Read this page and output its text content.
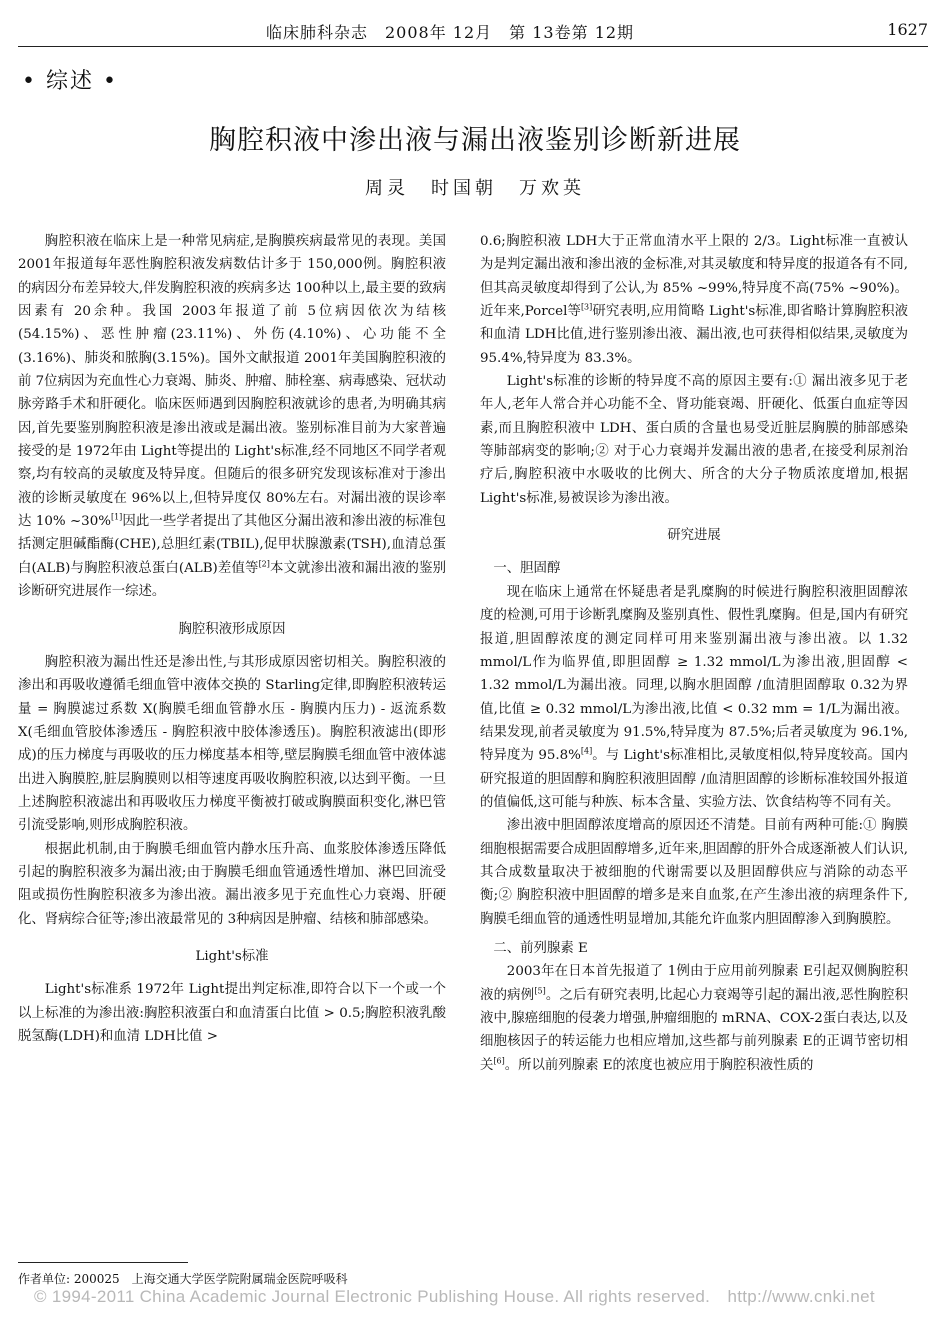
临床肺科杂志　2008年 12月　第 13卷第 12期	1627
• 综述 •
胸腔积液中渗出液与漏出液鉴别诊断新进展
周灵　时国朝　万欢英

胸腔积液在临床上是一种常见病症,是胸膜疾病最常见的表现。美国 2001年报道每年恶性胸腔积液发病数估计多于 150,000例。胸腔积液的病因分布差异较大,伴发胸腔积液的疾病多达 100种以上,最主要的致病因素有 20余种。我国 2003年报道了前 5位病因依次为结核(54.15%)、恶性肿瘤(23.11%)、外伤(4.10%)、心功能不全(3.16%)、肺炎和脓胸(3.15%)。国外文献报道 2001年美国胸腔积液的前 7位病因为充血性心力衰竭、肺炎、肿瘤、肺栓塞、病毒感染、冠状动脉旁路手术和肝硬化。临床医师遇到因胸腔积液就诊的患者,为明确其病因,首先要鉴别胸腔积液是渗出液或是漏出液。鉴别标准目前为大家普遍接受的是 1972年由 Light等提出的 Light's标准,经不同地区不同学者观察,均有较高的灵敏度及特异度。但随后的很多研究发现该标准对于渗出液的诊断灵敏度在 96%以上,但特异度仅 80%左右。对漏出液的误诊率达 10% ~30%[1]因此一些学者提出了其他区分漏出液和渗出液的标准包括测定胆碱酯酶(CHE),总胆红素(TBIL),促甲状腺激素(TSH),血清总蛋白(ALB)与胸腔积液总蛋白(ALB)差值等[2]本文就渗出液和漏出液的鉴别诊断研究进展作一综述。

胸腔积液形成原因

胸腔积液为漏出性还是渗出性,与其形成原因密切相关。胸腔积液的渗出和再吸收遵循毛细血管中液体交换的 Starling定律,即胸腔积液转运量 = 胸膜滤过系数 X(胸膜毛细血管静水压 - 胸膜内压力) - 返流系数 X(毛细血管胶体渗透压 - 胸腔积液中胶体渗透压)。胸腔积液滤出(即形成)的压力梯度与再吸收的压力梯度基本相等,壁层胸膜毛细血管中液体滤出进入胸膜腔,脏层胸膜则以相等速度再吸收胸腔积液,以达到平衡。一旦上述胸腔积液滤出和再吸收压力梯度平衡被打破或胸膜面积变化,淋巴管引流受影响,则形成胸腔积液。

根据此机制,由于胸膜毛细血管内静水压升高、血浆胶体渗透压降低引起的胸腔积液多为漏出液;由于胸膜毛细血管通透性增加、淋巴回流受阻或损伤性胸腔积液多为渗出液。漏出液多见于充血性心力衰竭、肝硬化、肾病综合征等;渗出液最常见的 3种病因是肿瘤、结核和肺部感染。

Light's标准

Light's标准系 1972年 Light提出判定标准,即符合以下一个或一个以上标准的为渗出液:胸腔积液蛋白和血清蛋白比值 > 0.5;胸腔积液乳酸脱氢酶(LDH)和血清 LDH比值 >

0.6;胸腔积液 LDH大于正常血清水平上限的 2/3。Light标准一直被认为是判定漏出液和渗出液的金标准,对其灵敏度和特异度的报道各有不同,但其高灵敏度却得到了公认,为 85% ~99%,特异度不高(75% ~90%)。近年来,Porcel等[3]研究表明,应用简略 Light's标准,即省略计算胸腔积液和血清 LDH比值,进行鉴别渗出液、漏出液,也可获得相似结果,灵敏度为 95.4%,特异度为 83.3%。

Light's标准的诊断的特异度不高的原因主要有:① 漏出液多见于老年人,老年人常合并心功能不全、肾功能衰竭、肝硬化、低蛋白血症等因素,而且胸腔积液中 LDH、蛋白质的含量也易受近脏层胸膜的肺部感染等肺部病变的影响;② 对于心力衰竭并发漏出液的患者,在接受利尿剂治疗后,胸腔积液中水吸收的比例大、所含的大分子物质浓度增加,根据 Light's标准,易被误诊为渗出液。

研究进展

一、胆固醇

现在临床上通常在怀疑患者是乳糜胸的时候进行胸腔积液胆固醇浓度的检测,可用于诊断乳糜胸及鉴别真性、假性乳糜胸。但是,国内有研究报道,胆固醇浓度的测定同样可用来鉴别漏出液与渗出液。以 1.32 mmol/L作为临界值,即胆固醇 ≥ 1.32 mmol/L为渗出液,胆固醇 < 1.32 mmol/L为漏出液。同理,以胸水胆固醇 /血清胆固醇取 0.32为界值,比值 ≥ 0.32 mmol/L为渗出液,比值 < 0.32 mm = 1/L为漏出液。结果发现,前者灵敏度为 91.5%,特异度为 87.5%;后者灵敏度为 96.1%,特异度为 95.8%[4]。与 Light's标准相比,灵敏度相似,特异度较高。国内研究报道的胆固醇和胸腔积液胆固醇 /血清胆固醇的诊断标准较国外报道的值偏低,这可能与种族、标本含量、实验方法、饮食结构等不同有关。

渗出液中胆固醇浓度增高的原因还不清楚。目前有两种可能:① 胸膜细胞根据需要合成胆固醇增多,近年来,胆固醇的肝外合成逐渐被人们认识,其合成数量取决于被细胞的代谢需要以及胆固醇供应与消除的动态平衡;② 胸腔积液中胆固醇的增多是来自血浆,在产生渗出液的病理条件下,胸膜毛细血管的通透性明显增加,其能允许血浆内胆固醇渗入到胸膜腔。

二、前列腺素 E

2003年在日本首先报道了 1例由于应用前列腺素 E引起双侧胸腔积液的病例[5]。之后有研究表明,比起心力衰竭等引起的漏出液,恶性胸腔积液中,腺癌细胞的侵袭力增强,肿瘤细胞的 mRNA、COX-2蛋白表达,以及细胞核因子的转运能力也相应增加,这些都与前列腺素 E的正调节密切相关[6]。所以前列腺素 E的浓度也被应用于胸腔积液性质的

作者单位: 200025　上海交通大学医学院附属瑞金医院呼吸科
© 1994-2011 China Academic Journal Electronic Publishing House. All rights reserved.　http://www.cnki.net
